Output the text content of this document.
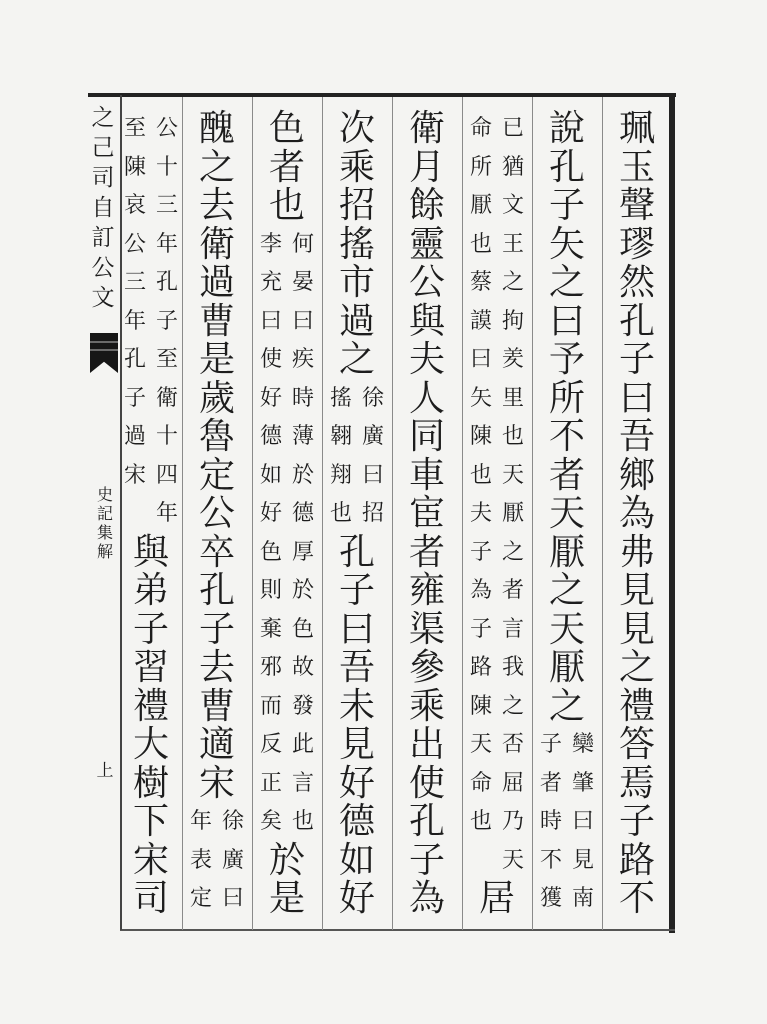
之
己
司
自
訂
公
文
史
記
集
解
上
珮
玉
聲
璆
然
孔
子
曰
吾
鄉
為
弗
見
見
之
禮
答
焉
子
路
不
說
孔
子
矢
之
曰
予
所
不
者
天
厭
之
天
厭
之
欒
肇
曰
見
南
子
者
時
不
獲
已
猶
文
王
之
拘
羑
里
也
天
厭
之
者
言
我
之
否
屈
乃
天
命
所
厭
也
蔡
謨
曰
矢
陳
也
夫
子
為
子
路
陳
天
命
也
居
衛
月
餘
靈
公
與
夫
人
同
車
宦
者
雍
渠
參
乘
出
使
孔
子
為
次
乘
招
搖
市
過
之
徐
廣
曰
招
搖
翱
翔
也
孔
子
曰
吾
未
見
好
德
如
好
色
者
也
何
晏
曰
疾
時
薄
於
德
厚
於
色
故
發
此
言
也
李
充
曰
使
好
德
如
好
色
則
棄
邪
而
反
正
矣
於
是
醜
之
去
衛
過
曹
是
歲
魯
定
公
卒
孔
子
去
曹
適
宋
徐
廣
曰
年
表
定
公
十
三
年
孔
子
至
衛
十
四
年
至
陳
哀
公
三
年
孔
子
過
宋
與
弟
子
習
禮
大
樹
下
宋
司
